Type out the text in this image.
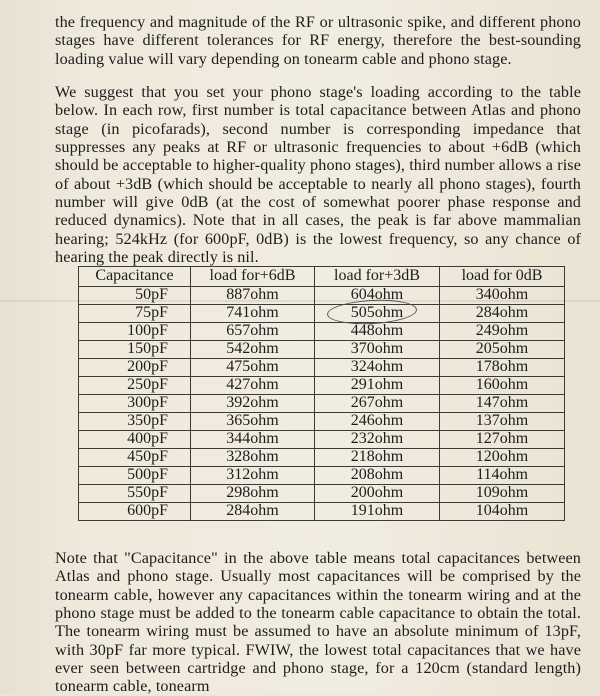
the frequency and magnitude of the RF or ultrasonic spike, and different phono stages have different tolerances for RF energy, therefore the best-sounding loading value will vary depending on tonearm cable and phono stage.

We suggest that you set your phono stage's loading according to the table below. In each row, first number is total capacitance between Atlas and phono stage (in picofarads), second number is corresponding impedance that suppresses any peaks at RF or ultrasonic frequencies to about +6dB (which should be acceptable to higher-quality phono stages), third number allows a rise of about +3dB (which should be acceptable to nearly all phono stages), fourth number will give 0dB (at the cost of somewhat poorer phase response and reduced dynamics). Note that in all cases, the peak is far above mammalian hearing; 524kHz (for 600pF, 0dB) is the lowest frequency, so any chance of hearing the peak directly is nil.

Capacitance	load for+6dB	load for+3dB	load for 0dB
50pF	887ohm	604ohm	340ohm
75pF	741ohm	505ohm	284ohm
100pF	657ohm	448ohm	249ohm
150pF	542ohm	370ohm	205ohm
200pF	475ohm	324ohm	178ohm
250pF	427ohm	291ohm	160ohm
300pF	392ohm	267ohm	147ohm
350pF	365ohm	246ohm	137ohm
400pF	344ohm	232ohm	127ohm
450pF	328ohm	218ohm	120ohm
500pF	312ohm	208ohm	114ohm
550pF	298ohm	200ohm	109ohm
600pF	284ohm	191ohm	104ohm

Note that "Capacitance" in the above table means total capacitances between Atlas and phono stage. Usually most capacitances will be comprised by the tonearm cable, however any capacitances within the tonearm wiring and at the phono stage must be added to the tonearm cable capacitance to obtain the total. The tonearm wiring must be assumed to have an absolute minimum of 13pF, with 30pF far more typical. FWIW, the lowest total capacitances that we have ever seen between cartridge and phono stage, for a 120cm (standard length) tonearm cable, tonearm
